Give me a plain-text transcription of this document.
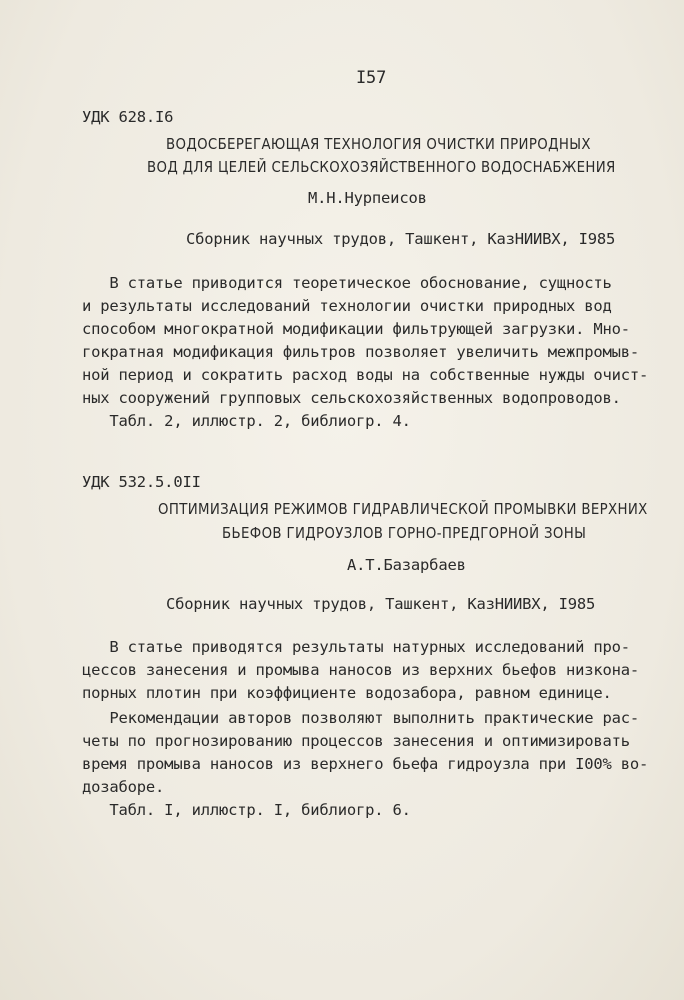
I57
УДК 628.I6
ВОДОСБЕРЕГАЮЩАЯ ТЕХНОЛОГИЯ ОЧИСТКИ ПРИРОДНЫХ
ВОД ДЛЯ ЦЕЛЕЙ СЕЛЬСКОХОЗЯЙСТВЕННОГО ВОДОСНАБЖЕНИЯ
М.Н.Нурпеисов
Сборник научных трудов, Ташкент, КазНИИВХ, I985
В статье приводится теоретическое обоснование, сущность
и результаты исследований технологии очистки природных вод
способом многократной модификации фильтрующей загрузки. Мно-
гократная модификация фильтров позволяет увеличить межпромыв-
ной период и сократить расход воды на собственные нужды очист-
ных сооружений групповых сельскохозяйственных водопроводов.
Табл. 2, иллюстр. 2, библиогр. 4.
УДК 532.5.0II
ОПТИМИЗАЦИЯ РЕЖИМОВ ГИДРАВЛИЧЕСКОЙ ПРОМЫВКИ ВЕРХНИХ
БЬЕФОВ ГИДРОУЗЛОВ ГОРНО-ПРЕДГОРНОЙ ЗОНЫ
А.Т.Базарбаев
Сборник научных трудов, Ташкент, КазНИИВХ, I985
В статье приводятся результаты натурных исследований про-
цессов занесения и промыва наносов из верхних бьефов низкона-
порных плотин при коэффициенте водозабора, равном единице.
Рекомендации авторов позволяют выполнить практические рас-
четы по прогнозированию процессов занесения и оптимизировать
время промыва наносов из верхнего бьефа гидроузла при I00% во-
дозаборе.
Табл. I, иллюстр. I, библиогр. 6.
